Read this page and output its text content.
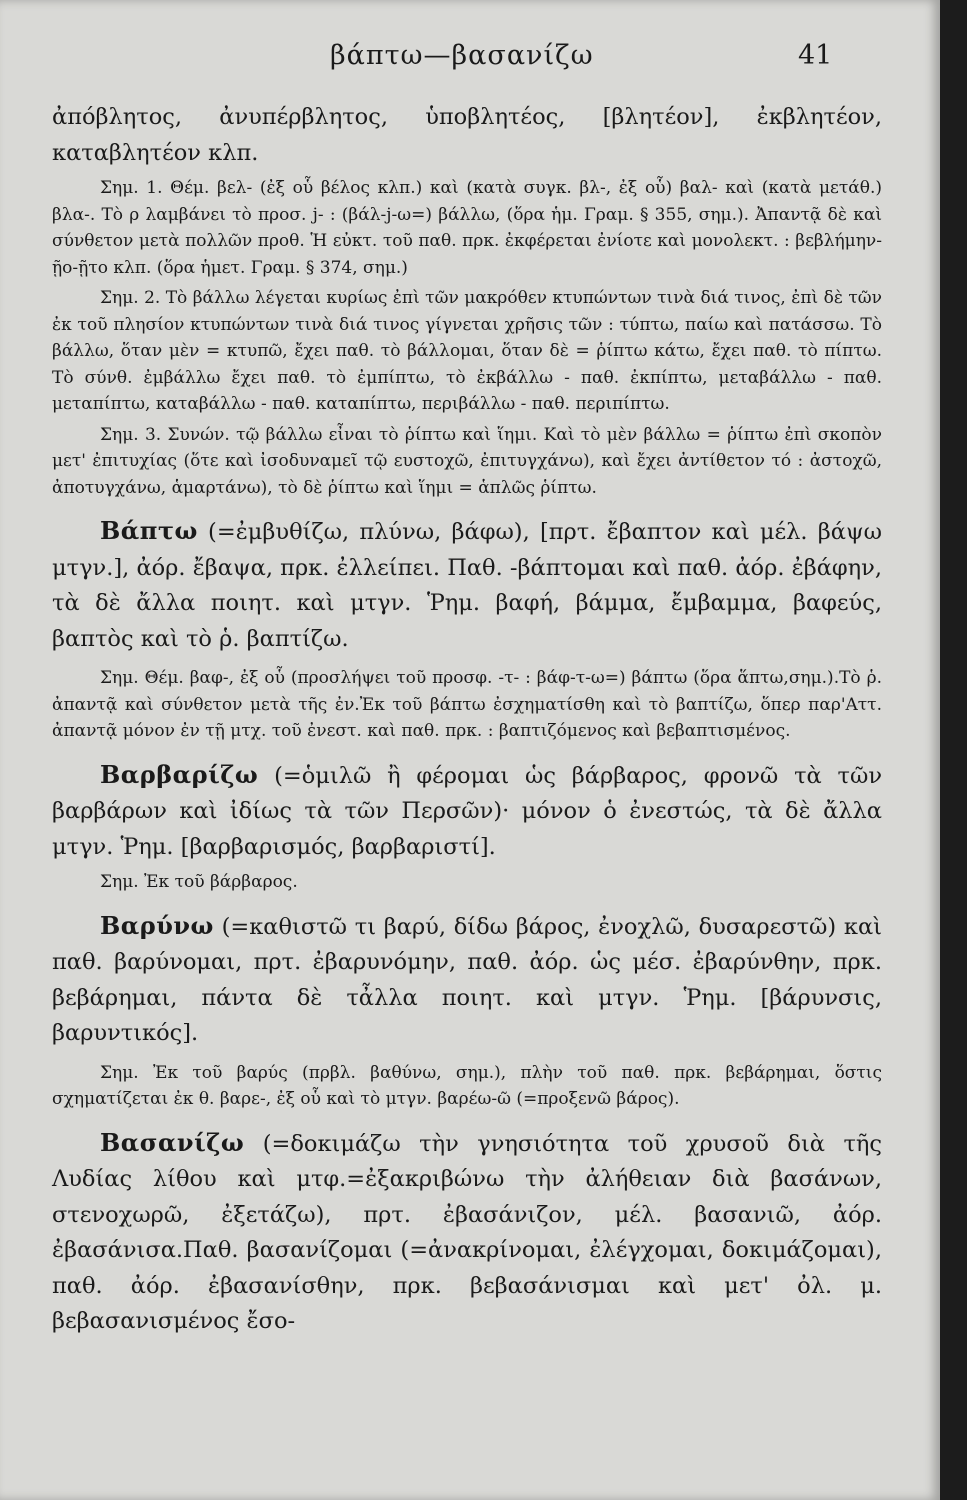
βάπτω—βασανίζω	41

ἀπόβλητος, ἀνυπέρβλητος, ὑποβλητέος, [βλητέον], ἐκβλητέον, καταβλητέον κλπ.

Σημ. 1. Θέμ. βελ- (ἐξ οὗ βέλος κλπ.) καὶ (κατὰ συγκ. βλ-, ἐξ οὗ) βαλ- καὶ (κατὰ μετάθ.) βλα-. Τὸ ρ λαμβάνει τὸ προσ. j- : (βάλ-j-ω=) βάλλω, (ὅρα ἡμ. Γραμ. § 355, σημ.). Ἀπαντᾷ δὲ καὶ σύνθετον μετὰ πολλῶν προθ. Ἡ εὐκτ. τοῦ παθ. πρκ. ἐκφέρεται ἐνίοτε καὶ μονολεκτ. : βεβλήμην-ῇο-ῇτο κλπ. (ὅρα ἡμετ. Γραμ. § 374, σημ.)

Σημ. 2. Τὸ βάλλω λέγεται κυρίως ἐπὶ τῶν μακρόθεν κτυπώντων τινὰ διά τινος, ἐπὶ δὲ τῶν ἐκ τοῦ πλησίον κτυπώντων τινὰ διά τινος γίγνεται χρῆσις τῶν : τύπτω, παίω καὶ πατάσσω. Τὸ βάλλω, ὅταν μὲν = κτυπῶ, ἔχει παθ. τὸ βάλλομαι, ὅταν δὲ = ῥίπτω κάτω, ἔχει παθ. τὸ πίπτω. Τὸ σύνθ. ἐμβάλλω ἔχει παθ. τὸ ἐμπίπτω, τὸ ἐκβάλλω - παθ. ἐκπίπτω, μεταβάλλω - παθ. μεταπίπτω, καταβάλλω - παθ. καταπίπτω, περιβάλλω - παθ. περιπίπτω.

Σημ. 3. Συνών. τῷ βάλλω εἶναι τὸ ῥίπτω καὶ ἵημι. Καὶ τὸ μὲν βάλλω = ῥίπτω ἐπὶ σκοπὸν μετ' ἐπιτυχίας (ὅτε καὶ ἰσοδυναμεῖ τῷ ευστοχῶ, ἐπιτυγχάνω), καὶ ἔχει ἀντίθετον τό : ἀστοχῶ, ἀποτυγχάνω, ἁμαρτάνω), τὸ δὲ ῥίπτω καὶ ἵημι = ἁπλῶς ῥίπτω.

Βάπτω (=ἐμβυθίζω, πλύνω, βάφω), [πρτ. ἔβαπτον καὶ μέλ. βάψω μτγν.], ἀόρ. ἔβαψα, πρκ. ἐλλείπει. Παθ. -βάπτομαι καὶ παθ. ἀόρ. ἐβάφην, τὰ δὲ ἄλλα ποιητ. καὶ μτγν. Ῥημ. βαφή, βάμμα, ἔμβαμμα, βαφεύς, βαπτὸς καὶ τὸ ῥ. βαπτίζω.

Σημ. Θέμ. βαφ-, ἐξ οὗ (προσλήψει τοῦ προσφ. -τ- : βάφ-τ-ω=) βάπτω (ὅρα ἅπτω,σημ.).Τὸ ῥ. ἀπαντᾷ καὶ σύνθετον μετὰ τῆς ἐν.Ἐκ τοῦ βάπτω ἐσχηματίσθη καὶ τὸ βαπτίζω, ὅπερ παρ'Αττ. ἀπαντᾷ μόνον ἐν τῇ μτχ. τοῦ ἐνεστ. καὶ παθ. πρκ. : βαπτιζόμενος καὶ βεβαπτισμένος.

Βαρβαρίζω (=ὁμιλῶ ἢ φέρομαι ὡς βάρβαρος, φρονῶ τὰ τῶν βαρβάρων καὶ ἰδίως τὰ τῶν Περσῶν)· μόνον ὁ ἐνεστώς, τὰ δὲ ἄλλα μτγν. Ῥημ. [βαρβαρισμός, βαρβαριστί].

Σημ. Ἐκ τοῦ βάρβαρος.

Βαρύνω (=καθιστῶ τι βαρύ, δίδω βάρος, ἐνοχλῶ, δυσαρεστῶ) καὶ παθ. βαρύνομαι, πρτ. ἐβαρυνόμην, παθ. ἀόρ. ὡς μέσ. ἐβαρύνθην, πρκ. βεβάρημαι, πάντα δὲ τἆλλα ποιητ. καὶ μτγν. Ῥημ. [βάρυνσις, βαρυντικός].

Σημ. Ἐκ τοῦ βαρύς (πρβλ. βαθύνω, σημ.), πλὴν τοῦ παθ. πρκ. βεβάρημαι, ὅστις σχηματίζεται ἐκ θ. βαρε-, ἐξ οὗ καὶ τὸ μτγν. βαρέω-ῶ (=προξενῶ βάρος).

Βασανίζω (=δοκιμάζω τὴν γνησιότητα τοῦ χρυσοῦ διὰ τῆς Λυδίας λίθου καὶ μτφ.=ἐξακριβώνω τὴν ἀλήθειαν διὰ βασάνων, στενοχωρῶ, ἐξετάζω), πρτ. ἐβασάνιζον, μέλ. βασανιῶ, ἀόρ. ἐβασάνισα.Παθ. βασανίζομαι (=ἀνακρίνομαι, ἐλέγχομαι, δοκιμάζομαι), παθ. ἀόρ. ἐβασανίσθην, πρκ. βεβασάνισμαι καὶ μετ' ὀλ. μ. βεβασανισμένος ἔσο-
